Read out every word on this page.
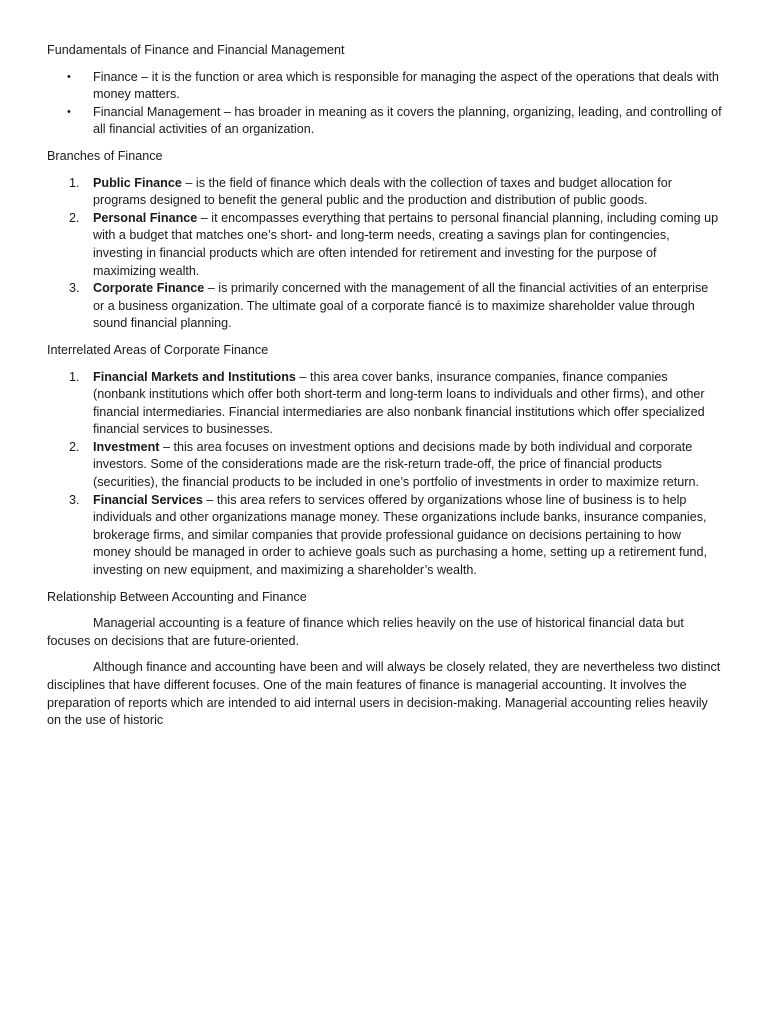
Fundamentals of Finance and Financial Management

• Finance – it is the function or area which is responsible for managing the aspect of the operations that deals with money matters.
• Financial Management – has broader in meaning as it covers the planning, organizing, leading, and controlling of all financial activities of an organization.

Branches of Finance

1. Public Finance – is the field of finance which deals with the collection of taxes and budget allocation for programs designed to benefit the general public and the production and distribution of public goods.
2. Personal Finance – it encompasses everything that pertains to personal financial planning, including coming up with a budget that matches one’s short- and long-term needs, creating a savings plan for contingencies, investing in financial products which are often intended for retirement and investing for the purpose of maximizing wealth.
3. Corporate Finance – is primarily concerned with the management of all the financial activities of an enterprise or a business organization. The ultimate goal of a corporate fiancé is to maximize shareholder value through sound financial planning.

Interrelated Areas of Corporate Finance

1. Financial Markets and Institutions – this area cover banks, insurance companies, finance companies (nonbank institutions which offer both short-term and long-term loans to individuals and other firms), and other financial intermediaries. Financial intermediaries are also nonbank financial institutions which offer specialized financial services to businesses.
2. Investment – this area focuses on investment options and decisions made by both individual and corporate investors. Some of the considerations made are the risk-return trade-off, the price of financial products (securities), the financial products to be included in one’s portfolio of investments in order to maximize return.
3. Financial Services – this area refers to services offered by organizations whose line of business is to help individuals and other organizations manage money. These organizations include banks, insurance companies, brokerage firms, and similar companies that provide professional guidance on decisions pertaining to how money should be managed in order to achieve goals such as purchasing a home, setting up a retirement fund, investing on new equipment, and maximizing a shareholder’s wealth.

Relationship Between Accounting and Finance

Managerial accounting is a feature of finance which relies heavily on the use of historical financial data but focuses on decisions that are future-oriented.

Although finance and accounting have been and will always be closely related, they are nevertheless two distinct disciplines that have different focuses. One of the main features of finance is managerial accounting. It involves the preparation of reports which are intended to aid internal users in decision-making. Managerial accounting relies heavily on the use of historic
